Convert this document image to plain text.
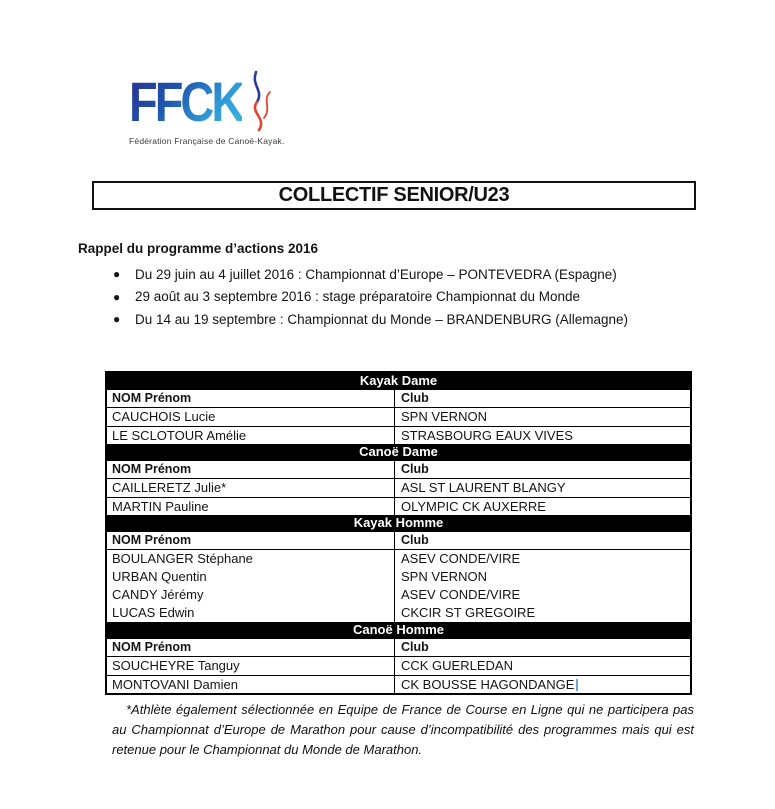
FFCK
Fédération Française de Canoë-Kayak.
COLLECTIF SENIOR/U23
Rappel du programme d’actions 2016
●	Du 29 juin au 4 juillet 2016 : Championnat d’Europe – PONTEVEDRA (Espagne)
●	29 août au 3 septembre 2016 : stage préparatoire Championnat du Monde
●	Du 14 au 19 septembre : Championnat du Monde – BRANDENBURG (Allemagne)
Kayak Dame
NOM Prénom	Club
CAUCHOIS Lucie	SPN VERNON
LE SCLOTOUR Amélie	STRASBOURG EAUX VIVES
Canoë Dame
NOM Prénom	Club
CAILLERETZ Julie*	ASL ST LAURENT BLANGY
MARTIN Pauline	OLYMPIC CK AUXERRE
Kayak Homme
NOM Prénom	Club
BOULANGER Stéphane	ASEV CONDE/VIRE
URBAN Quentin	SPN VERNON
CANDY Jérémy	ASEV CONDE/VIRE
LUCAS Edwin	CKCIR ST GREGOIRE
Canoë Homme
NOM Prénom	Club
SOUCHEYRE Tanguy	CCK GUERLEDAN
MONTOVANI Damien	CK BOUSSE HAGONDANGE
*Athlète également sélectionnée en Equipe de France de Course en Ligne qui ne participera pas au Championnat d’Europe de Marathon pour cause d’incompatibilité des programmes mais qui est retenue pour le Championnat du Monde de Marathon.
